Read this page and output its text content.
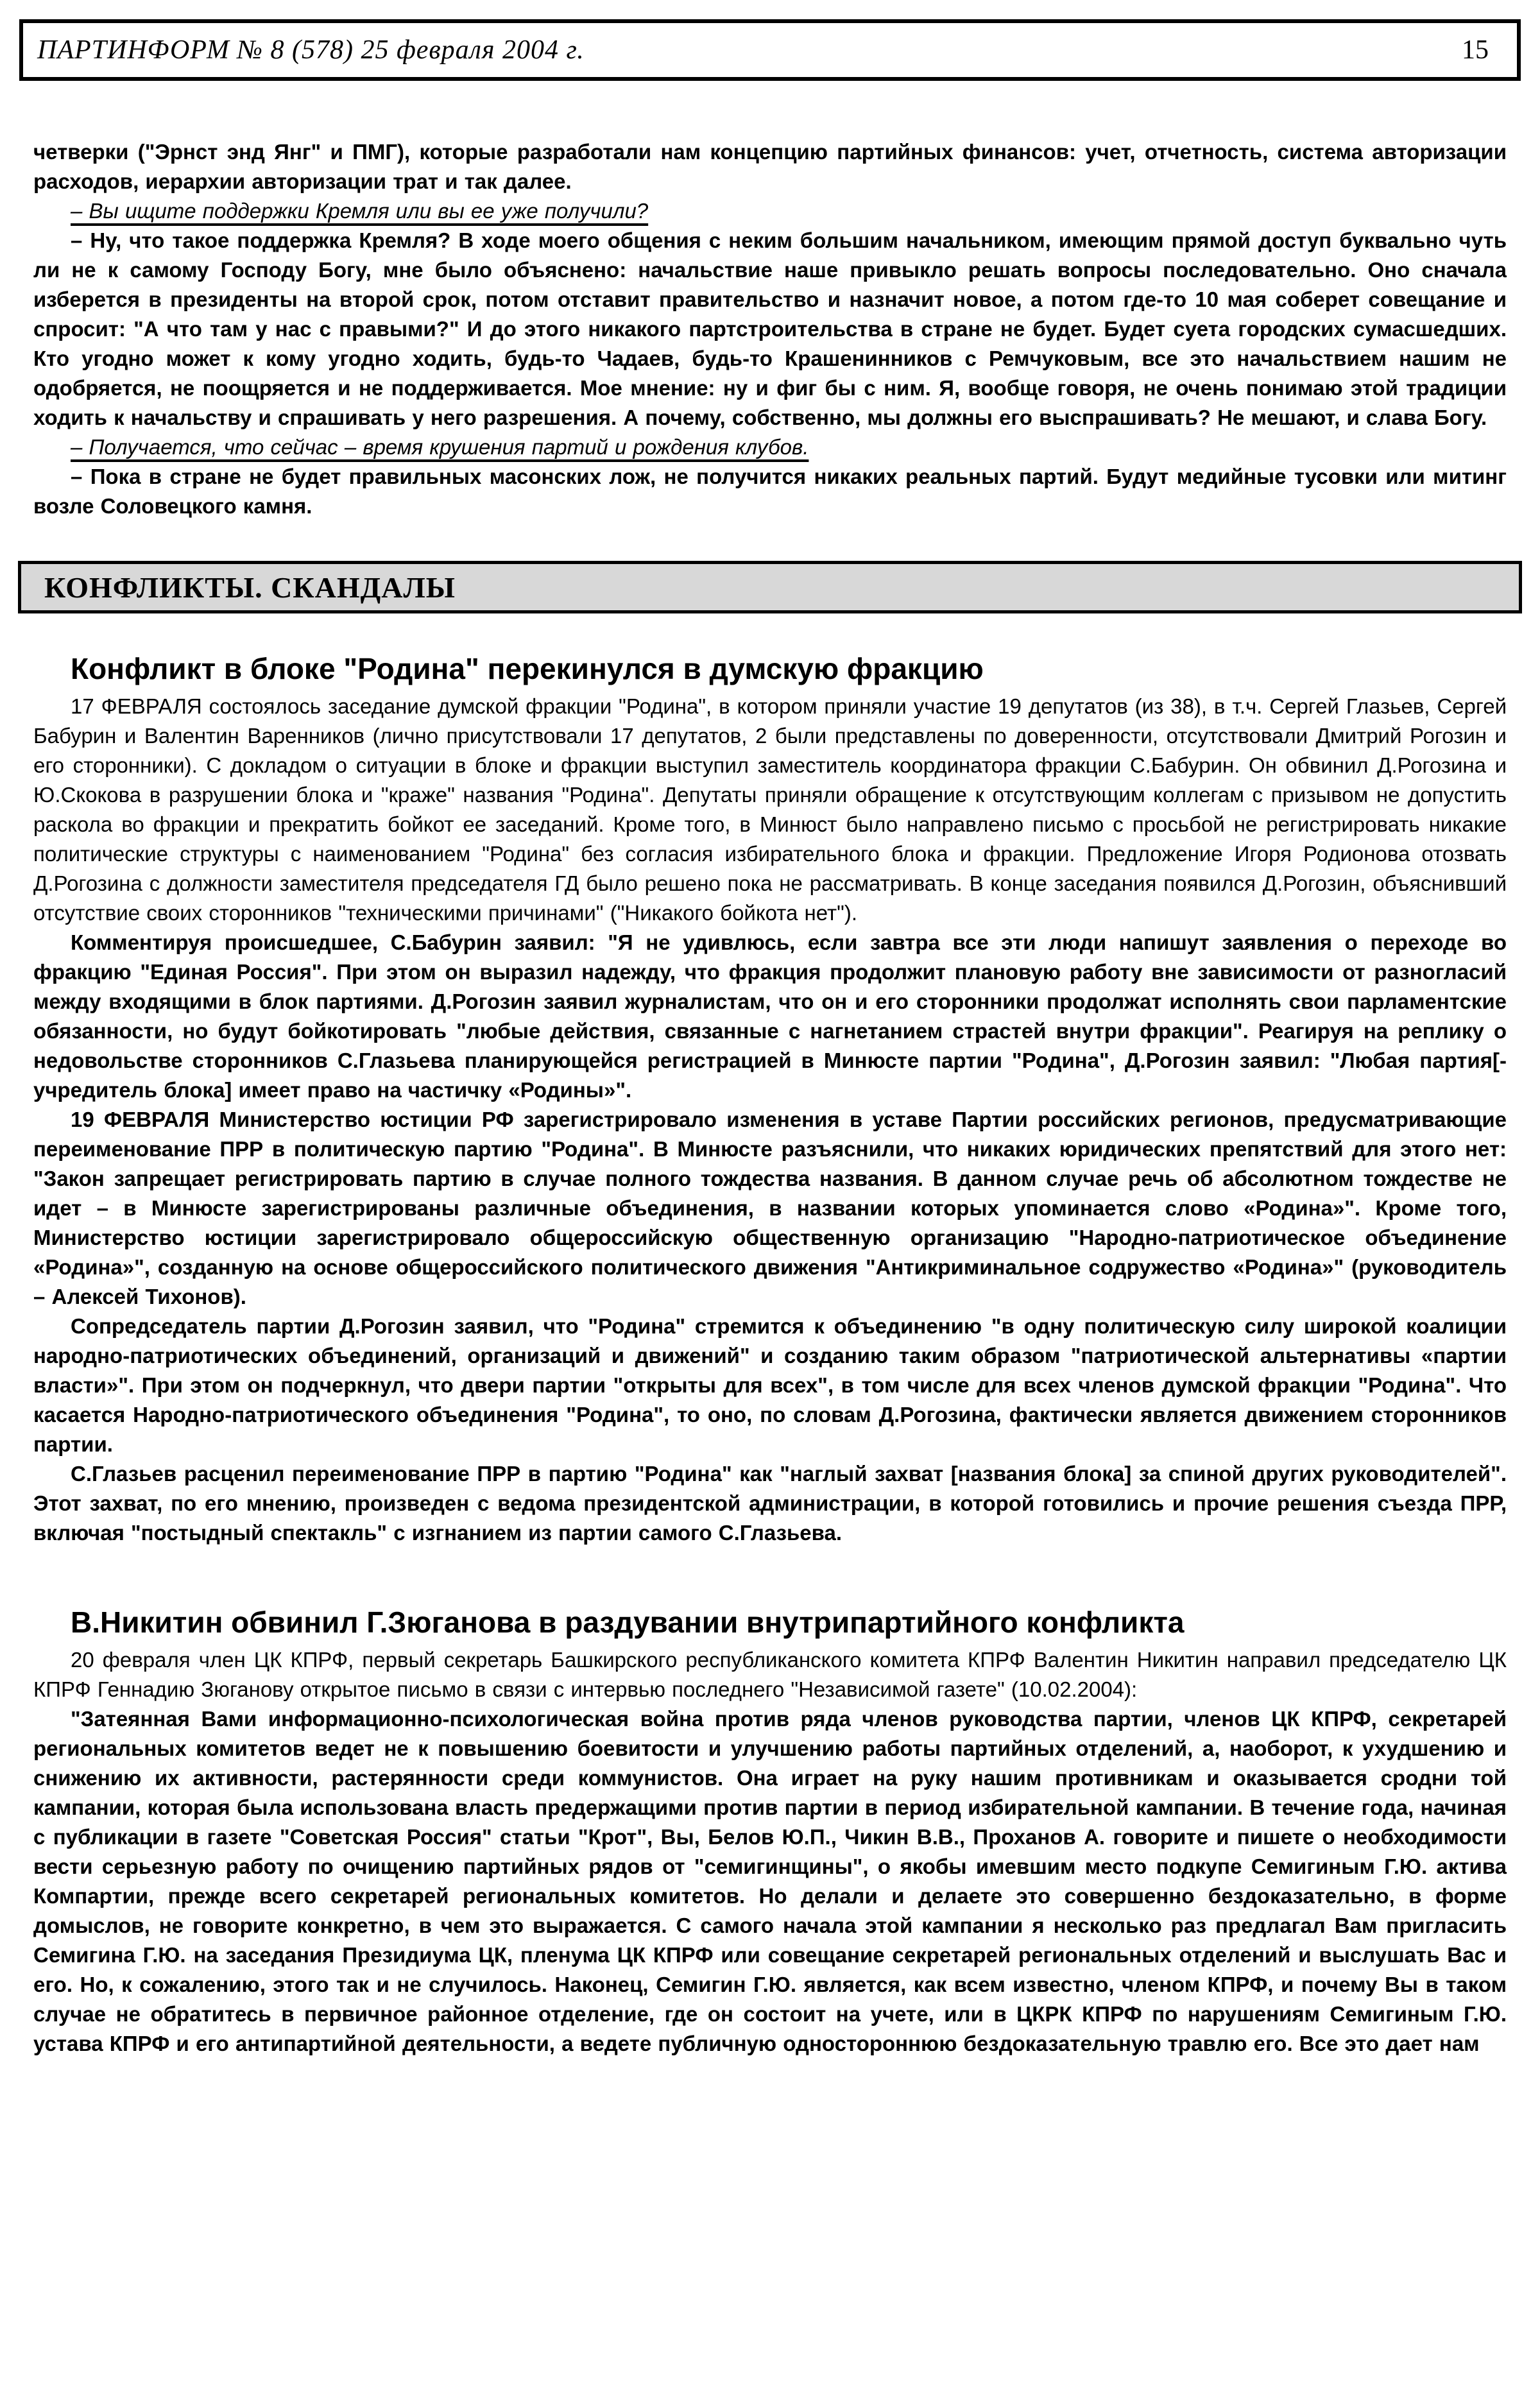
ПАРТИНФОРМ № 8 (578) 25 февраля 2004 г.	15

четверки ("Эрнст энд Янг" и ПМГ), которые разработали нам концепцию партийных финансов: учет, отчетность, система авторизации расходов, иерархии авторизации трат и так далее.

– Вы ищите поддержки Кремля или вы ее уже получили?

– Ну, что такое поддержка Кремля? В ходе моего общения с неким большим начальником, имеющим прямой доступ буквально чуть ли не к самому Господу Богу, мне было объяснено: начальствие наше привыкло решать вопросы последовательно. Оно сначала изберется в президенты на второй срок, потом отставит правительство и назначит новое, а потом где-то 10 мая соберет совещание и спросит: "А что там у нас с правыми?" И до этого никакого партстроительства в стране не будет. Будет суета городских сумасшедших. Кто угодно может к кому угодно ходить, будь-то Чадаев, будь-то Крашенинников с Ремчуковым, все это начальствием нашим не одобряется, не поощряется и не поддерживается. Мое мнение: ну и фиг бы с ним. Я, вообще говоря, не очень понимаю этой традиции ходить к начальству и спрашивать у него разрешения. А почему, собственно, мы должны его выспрашивать? Не мешают, и слава Богу.

– Получается, что сейчас – время крушения партий и рождения клубов.

– Пока в стране не будет правильных масонских лож, не получится никаких реальных партий. Будут медийные тусовки или митинг возле Соловецкого камня.

КОНФЛИКТЫ. СКАНДАЛЫ
Конфликт в блоке "Родина" перекинулся в думскую фракцию

17 ФЕВРАЛЯ состоялось заседание думской фракции "Родина", в котором приняли участие 19 депутатов (из 38), в т.ч. Сергей Глазьев, Сергей Бабурин и Валентин Варенников (лично присутствовали 17 депутатов, 2 были представлены по доверенности, отсутствовали Дмитрий Рогозин и его сторонники). С докладом о ситуации в блоке и фракции выступил заместитель координатора фракции С.Бабурин. Он обвинил Д.Рогозина и Ю.Скокова в разрушении блока и "краже" названия "Родина". Депутаты приняли обращение к отсутствующим коллегам с призывом не допустить раскола во фракции и прекратить бойкот ее заседаний. Кроме того, в Минюст было направлено письмо с просьбой не регистрировать никакие политические структуры с наименованием "Родина" без согласия избирательного блока и фракции. Предложение Игоря Родионова отозвать Д.Рогозина с должности заместителя председателя ГД было решено пока не рассматривать. В конце заседания появился Д.Рогозин, объяснивший отсутствие своих сторонников "техническими причинами" ("Никакого бойкота нет").

Комментируя происшедшее, С.Бабурин заявил: "Я не удивлюсь, если завтра все эти люди напишут заявления о переходе во фракцию "Единая Россия". При этом он выразил надежду, что фракция продолжит плановую работу вне зависимости от разногласий между входящими в блок партиями. Д.Рогозин заявил журналистам, что он и его сторонники продолжат исполнять свои парламентские обязанности, но будут бойкотировать "любые действия, связанные с нагнетанием страстей внутри фракции". Реагируя на реплику о недовольстве сторонников С.Глазьева планирующейся регистрацией в Минюсте партии "Родина", Д.Рогозин заявил: "Любая партия[-учредитель блока] имеет право на частичку «Родины»".

19 ФЕВРАЛЯ Министерство юстиции РФ зарегистрировало изменения в уставе Партии российских регионов, предусматривающие переименование ПРР в политическую партию "Родина". В Минюсте разъяснили, что никаких юридических препятствий для этого нет: "Закон запрещает регистрировать партию в случае полного тождества названия. В данном случае речь об абсолютном тождестве не идет – в Минюсте зарегистрированы различные объединения, в названии которых упоминается слово «Родина»". Кроме того, Министерство юстиции зарегистрировало общероссийскую общественную организацию "Народно-патриотическое объединение «Родина»", созданную на основе общероссийского политического движения "Антикриминальное содружество «Родина»" (руководитель – Алексей Тихонов).

Сопредседатель партии Д.Рогозин заявил, что "Родина" стремится к объединению "в одну политическую силу широкой коалиции народно-патриотических объединений, организаций и движений" и созданию таким образом "патриотической альтернативы «партии власти»". При этом он подчеркнул, что двери партии "открыты для всех", в том числе для всех членов думской фракции "Родина". Что касается Народно-патриотического объединения "Родина", то оно, по словам Д.Рогозина, фактически является движением сторонников партии.

С.Глазьев расценил переименование ПРР в партию "Родина" как "наглый захват [названия блока] за спиной других руководителей". Этот захват, по его мнению, произведен с ведома президентской администрации, в которой готовились и прочие решения съезда ПРР, включая "постыдный спектакль" с изгнанием из партии самого С.Глазьева.

В.Никитин обвинил Г.Зюганова в раздувании внутрипартийного конфликта

20 февраля член ЦК КПРФ, первый секретарь Башкирского республиканского комитета КПРФ Валентин Никитин направил председателю ЦК КПРФ Геннадию Зюганову открытое письмо в связи с интервью последнего "Независимой газете" (10.02.2004):

"Затеянная Вами информационно-психологическая война против ряда членов руководства партии, членов ЦК КПРФ, секретарей региональных комитетов ведет не к повышению боевитости и улучшению работы партийных отделений, а, наоборот, к ухудшению и снижению их активности, растерянности среди коммунистов. Она играет на руку нашим противникам и оказывается сродни той кампании, которая была использована власть предержащими против партии в период избирательной кампании. В течение года, начиная с публикации в газете "Советская Россия" статьи "Крот", Вы, Белов Ю.П., Чикин В.В., Проханов А. говорите и пишете о необходимости вести серьезную работу по очищению партийных рядов от "семигинщины", о якобы имевшим место подкупе Семигиным Г.Ю. актива Компартии, прежде всего секретарей региональных комитетов. Но делали и делаете это совершенно бездоказательно, в форме домыслов, не говорите конкретно, в чем это выражается. С самого начала этой кампании я несколько раз предлагал Вам пригласить Семигина Г.Ю. на заседания Президиума ЦК, пленума ЦК КПРФ или совещание секретарей региональных отделений и выслушать Вас и его. Но, к сожалению, этого так и не случилось. Наконец, Семигин Г.Ю. является, как всем известно, членом КПРФ, и почему Вы в таком случае не обратитесь в первичное районное отделение, где он состоит на учете, или в ЦКРК КПРФ по нарушениям Семигиным Г.Ю. устава КПРФ и его антипартийной деятельности, а ведете публичную одностороннюю бездоказательную травлю его. Все это дает нам
